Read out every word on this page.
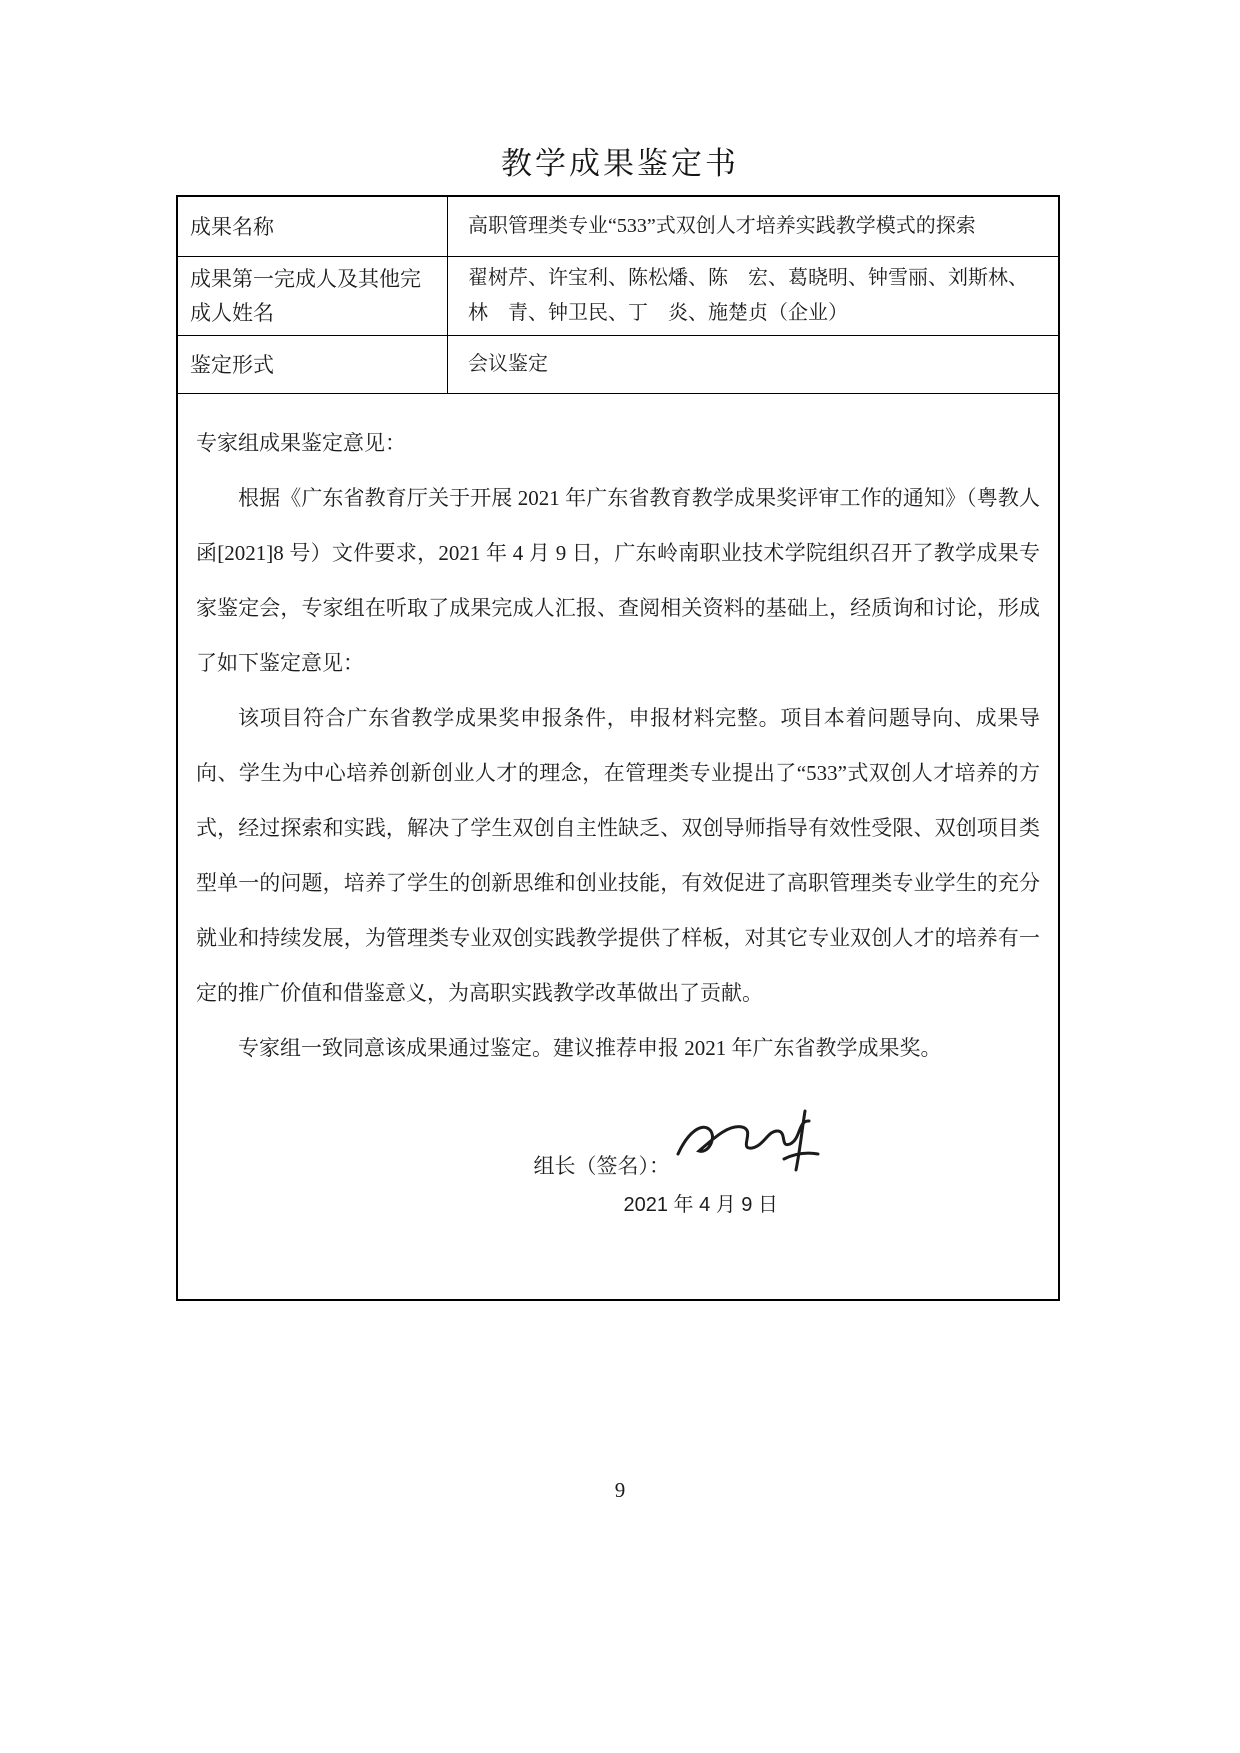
教学成果鉴定书
成果名称	高职管理类专业“533”式双创人才培养实践教学模式的探索
成果第一完成人及其他完成人姓名
翟树芹、许宝利、陈松燔、陈　宏、葛晓明、钟雪丽、刘斯林、林　青、钟卫民、丁　炎、施楚贞（企业）
鉴定形式	会议鉴定
专家组成果鉴定意见：

根据《广东省教育厅关于开展 2021 年广东省教育教学成果奖评审工作的通知》（粤教人函[2021]8 号）文件要求，2021 年 4 月 9 日，广东岭南职业技术学院组织召开了教学成果专家鉴定会，专家组在听取了成果完成人汇报、查阅相关资料的基础上，经质询和讨论，形成了如下鉴定意见：

该项目符合广东省教学成果奖申报条件，申报材料完整。项目本着问题导向、成果导向、学生为中心培养创新创业人才的理念，在管理类专业提出了“533”式双创人才培养的方式，经过探索和实践，解决了学生双创自主性缺乏、双创导师指导有效性受限、双创项目类型单一的问题，培养了学生的创新思维和创业技能，有效促进了高职管理类专业学生的充分就业和持续发展，为管理类专业双创实践教学提供了样板，对其它专业双创人才的培养有一定的推广价值和借鉴意义，为高职实践教学改革做出了贡献。

专家组一致同意该成果通过鉴定。建议推荐申报 2021 年广东省教学成果奖。

组长（签名）：
2021 年 4 月 9 日
9
